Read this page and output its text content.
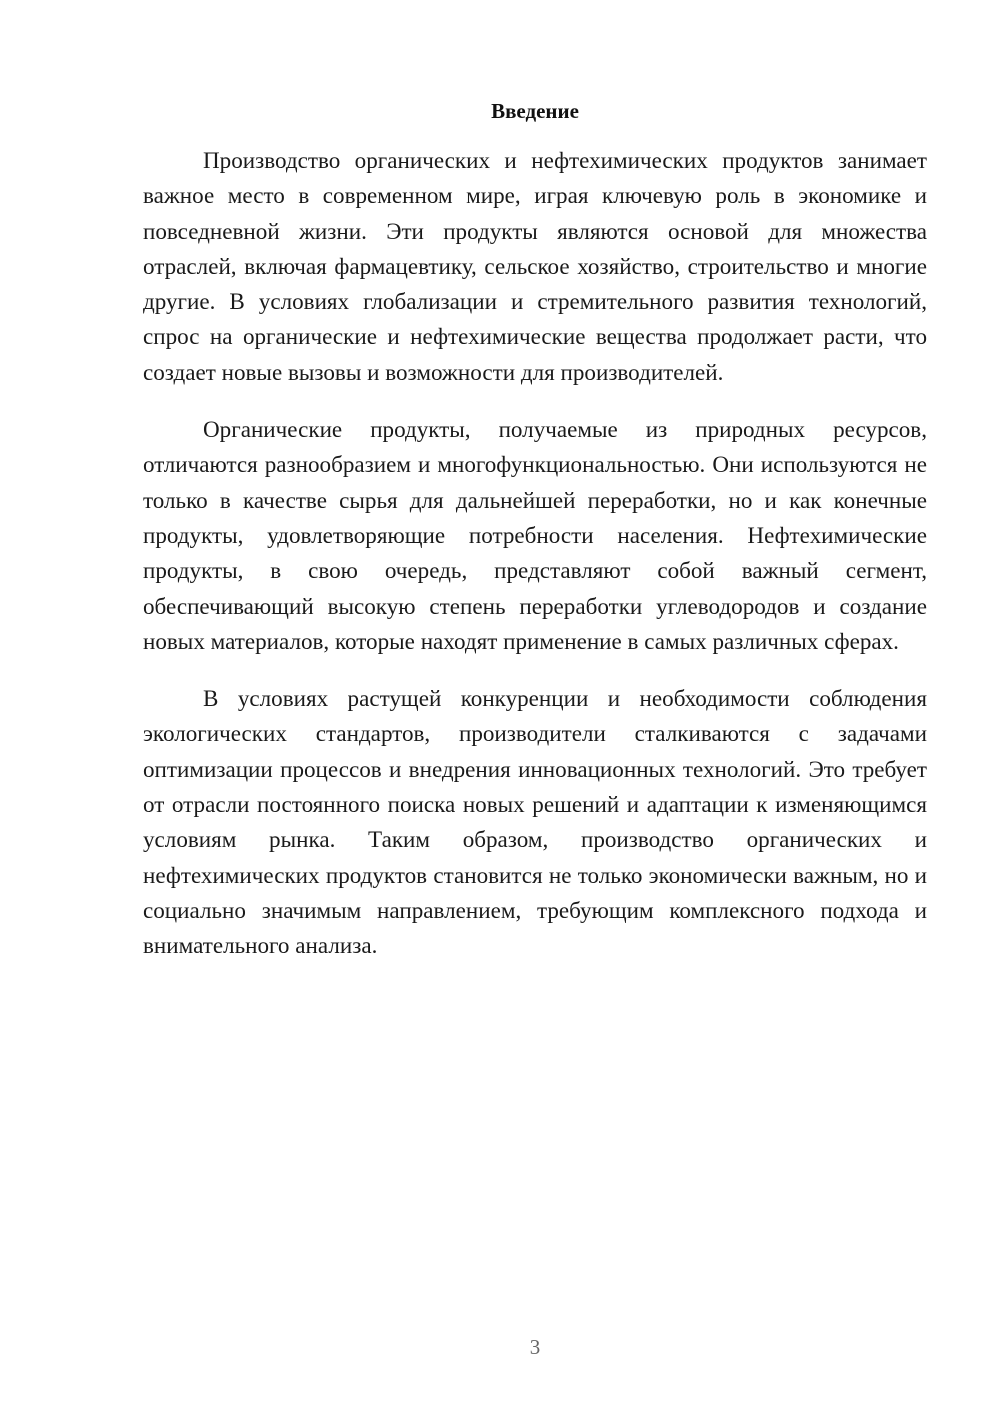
Введение

Производство органических и нефтехимических продуктов занимает важное место в современном мире, играя ключевую роль в экономике и повседневной жизни. Эти продукты являются основой для множества отраслей, включая фармацевтику, сельское хозяйство, строительство и многие другие. В условиях глобализации и стремительного развития технологий, спрос на органические и нефтехимические вещества продолжает расти, что создает новые вызовы и возможности для производителей.

Органические продукты, получаемые из природных ресурсов, отличаются разнообразием и многофункциональностью. Они используются не только в качестве сырья для дальнейшей переработки, но и как конечные продукты, удовлетворяющие потребности населения. Нефтехимические продукты, в свою очередь, представляют собой важный сегмент, обеспечивающий высокую степень переработки углеводородов и создание новых материалов, которые находят применение в самых различных сферах.

В условиях растущей конкуренции и необходимости соблюдения экологических стандартов, производители сталкиваются с задачами оптимизации процессов и внедрения инновационных технологий. Это требует от отрасли постоянного поиска новых решений и адаптации к изменяющимся условиям рынка. Таким образом, производство органических и нефтехимических продуктов становится не только экономически важным, но и социально значимым направлением, требующим комплексного подхода и внимательного анализа.

3
